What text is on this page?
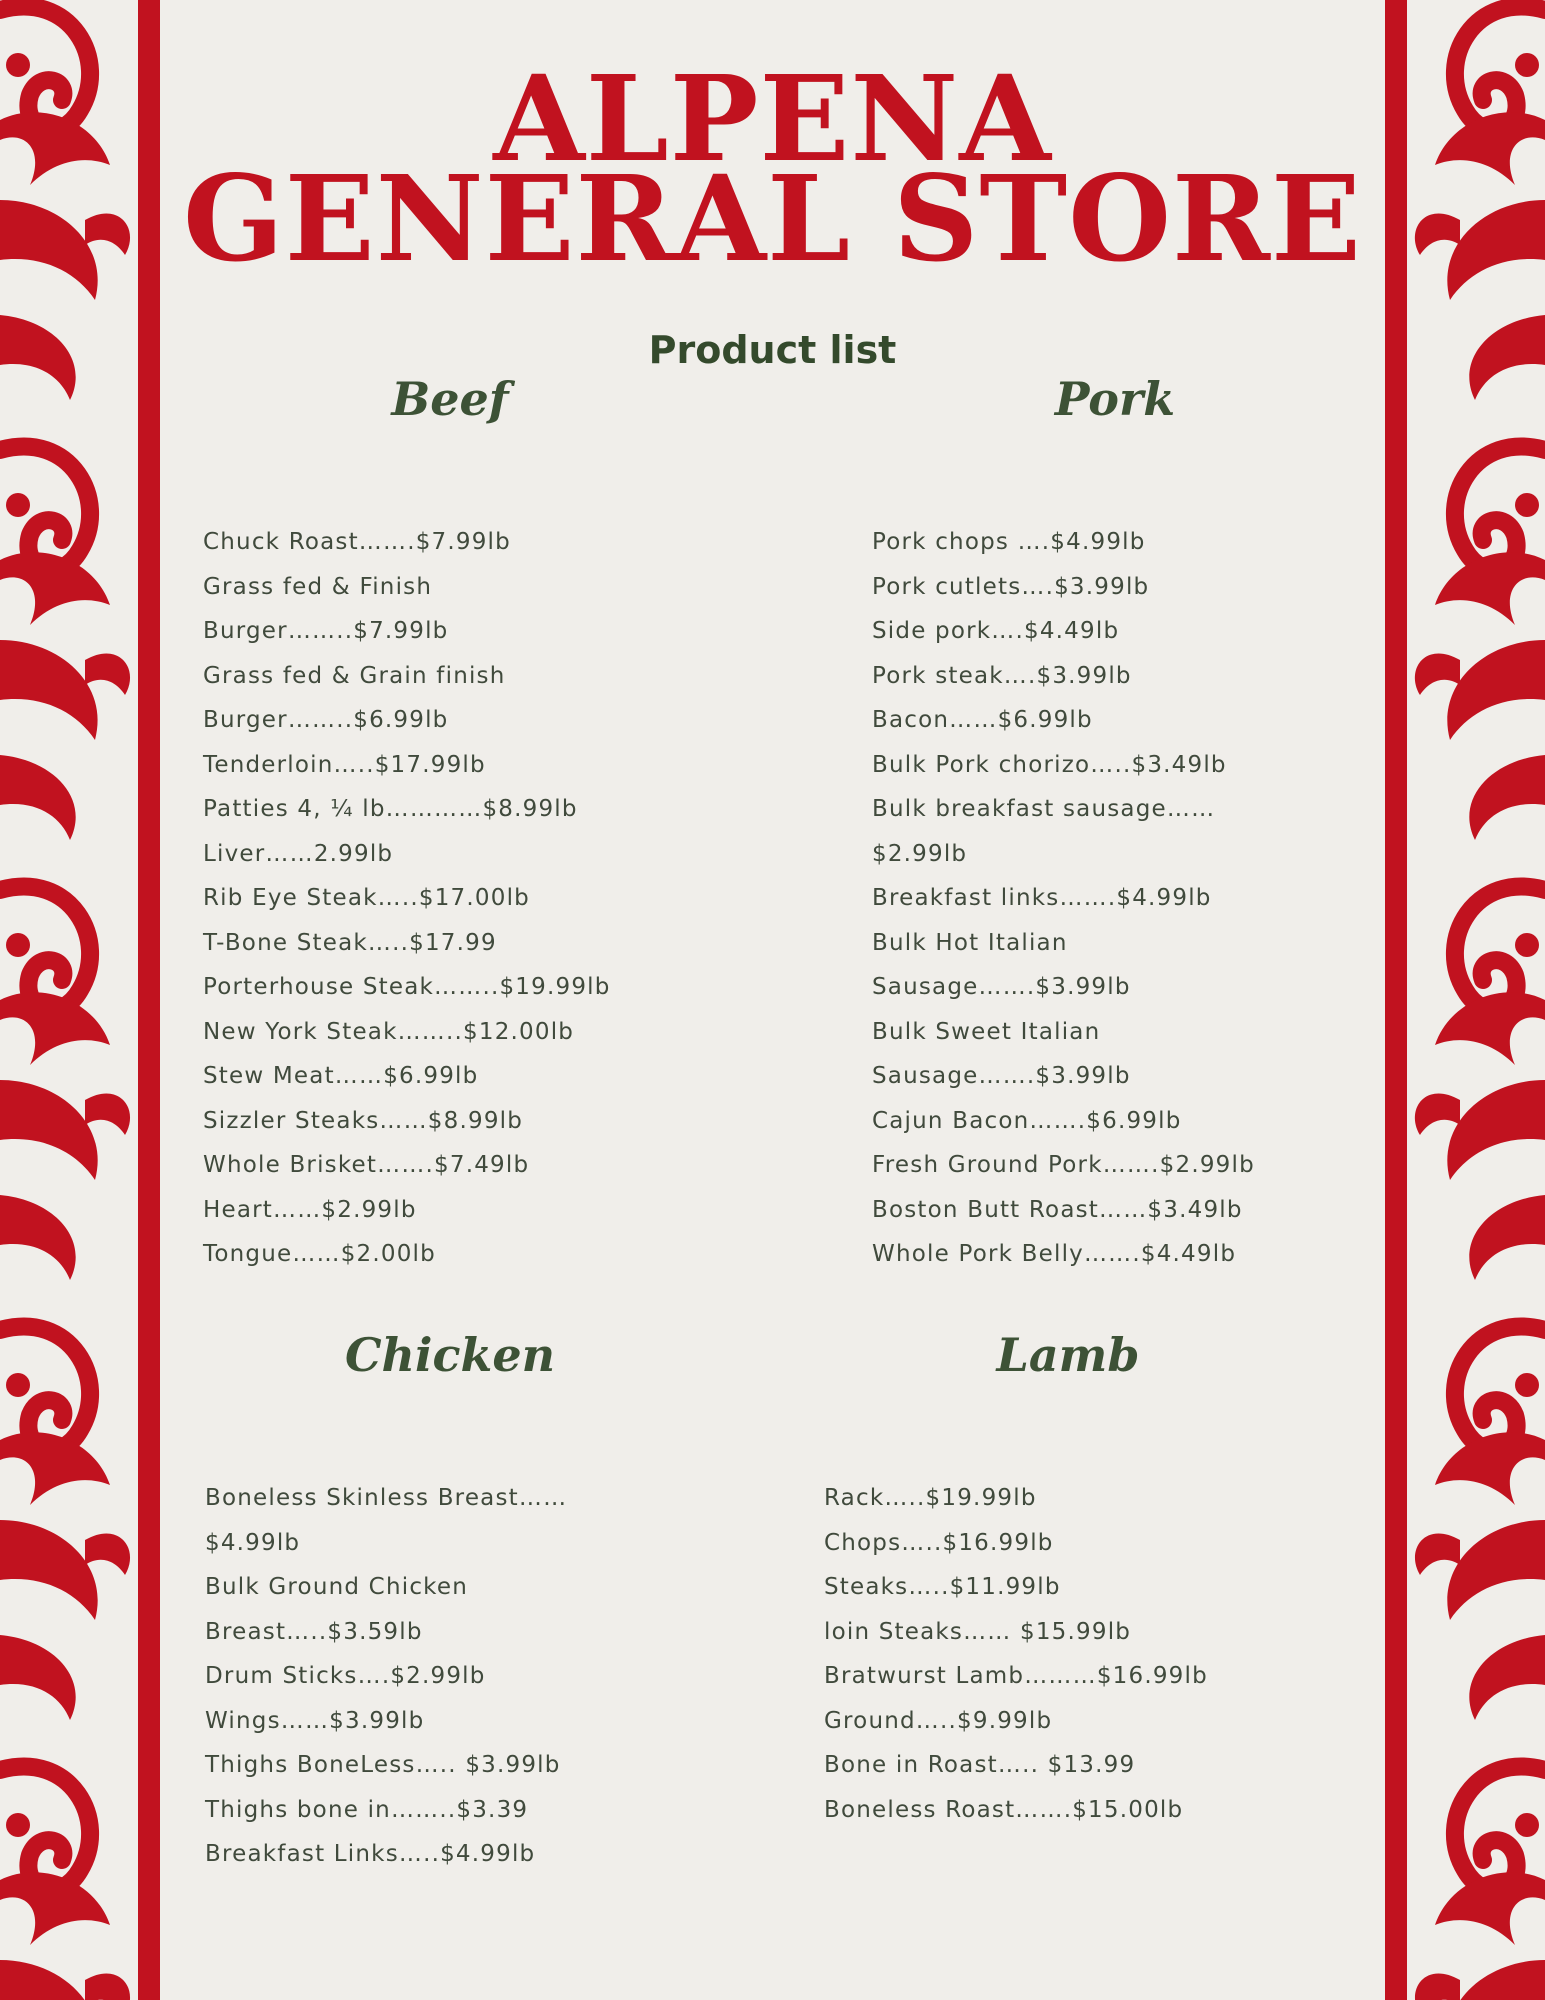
ALPENA
GENERAL STORE
Product list
Beef	Pork
Chicken	Lamb
Chuck Roast…….$7.99lb
Grass fed & Finish
Burger……..$7.99lb
Grass fed & Grain finish
Burger……..$6.99lb
Tenderloin…..$17.99lb
Patties 4, ¼ lb…………$8.99lb
Liver……2.99lb
Rib Eye Steak…..$17.00lb
T-Bone Steak…..$17.99
Porterhouse Steak……..$19.99lb
New York Steak……..$12.00lb
Stew Meat……$6.99lb
Sizzler Steaks……$8.99lb
Whole Brisket…….$7.49lb
Heart……$2.99lb
Tongue……$2.00lb
Pork chops ….$4.99lb
Pork cutlets….$3.99lb
Side pork….$4.49lb
Pork steak….$3.99lb
Bacon……$6.99lb
Bulk Pork chorizo…..$3.49lb
Bulk breakfast sausage……
$2.99lb
Breakfast links…….$4.99lb
Bulk Hot Italian
Sausage…….$3.99lb
Bulk Sweet Italian
Sausage…….$3.99lb
Cajun Bacon…….$6.99lb
Fresh Ground Pork…….$2.99lb
Boston Butt Roast……$3.49lb
Whole Pork Belly…….$4.49lb
Boneless Skinless Breast……
$4.99lb
Bulk Ground Chicken
Breast…..$3.59lb
Drum Sticks….$2.99lb
Wings……$3.99lb
Thighs BoneLess….. $3.99lb
Thighs bone in……..$3.39
Breakfast Links…..$4.99lb
Rack…..$19.99lb
Chops…..$16.99lb
Steaks…..$11.99lb
loin Steaks…… $15.99lb
Bratwurst Lamb………$16.99lb
Ground…..$9.99lb
Bone in Roast….. $13.99
Boneless Roast…….$15.00lb
